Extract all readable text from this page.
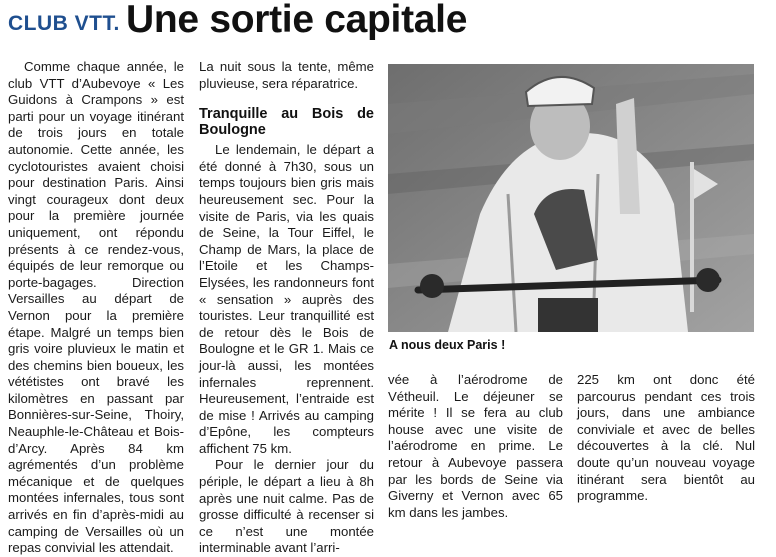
CLUB VTT. Une sortie capitale

Comme chaque année, le club VTT d’Aubevoye « Les Guidons à Crampons » est parti pour un voyage itinérant de trois jours en totale autonomie. Cette année, les cyclotouristes avaient choisi pour destination Paris. Ainsi vingt courageux dont deux pour la première journée uniquement, ont répondu présents à ce rendez-vous, équipés de leur remorque ou porte-bagages. Direction Versailles au départ de Vernon pour la première étape. Malgré un temps bien gris voire pluvieux le matin et des chemins bien boueux, les vététistes ont bravé les kilomètres en passant par Bonnières-sur-Seine, Thoiry, Neauphle-le-Château et Bois-d’Arcy. Après 84 km agrémentés d’un problème mécanique et de quelques montées infernales, tous sont arrivés en fin d’après-midi au camping de Versailles où un repas convivial les attendait.

La nuit sous la tente, même pluvieuse, sera réparatrice.

Tranquille au Bois de Boulogne

Le lendemain, le départ a été donné à 7h30, sous un temps toujours bien gris mais heureusement sec. Pour la visite de Paris, via les quais de Seine, la Tour Eiffel, le Champ de Mars, la place de l’Etoile et les Champs-Elysées, les randonneurs font « sensation » auprès des touristes. Leur tranquillité est de retour dès le Bois de Boulogne et le GR 1. Mais ce jour-là aussi, les montées infernales reprennent. Heureusement, l’entraide est de mise ! Arrivés au camping d’Epône, les compteurs affichent 75 km.

Pour le dernier jour du périple, le départ a lieu à 8h après une nuit calme. Pas de grosse difficulté à recenser si ce n’est une montée interminable avant l’arri-

A nous deux Paris !

vée à l’aérodrome de Vétheuil. Le déjeuner se mérite ! Il se fera au club house avec une visite de l’aérodrome en prime. Le retour à Aubevoye passera par les bords de Seine via Giverny et Vernon avec 65 km dans les jambes.

225 km ont donc été parcourus pendant ces trois jours, dans une ambiance conviviale et avec de belles découvertes à la clé. Nul doute qu’un nouveau voyage itinérant sera bientôt au programme.
